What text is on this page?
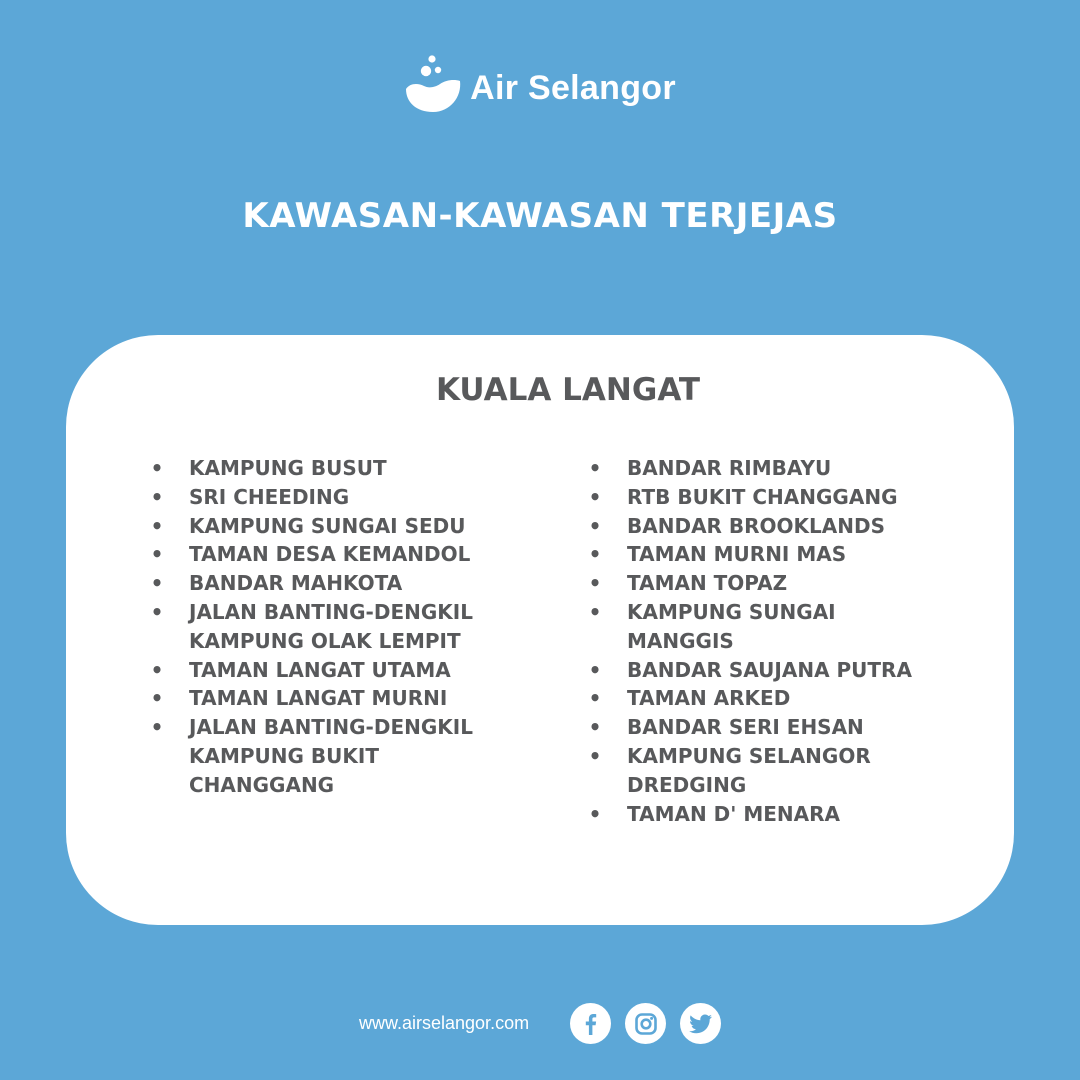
Air Selangor
KAWASAN-KAWASAN TERJEJAS
KUALA LANGAT
• KAMPUNG BUSUT
• SRI CHEEDING
• KAMPUNG SUNGAI SEDU
• TAMAN DESA KEMANDOL
• BANDAR MAHKOTA
• JALAN BANTING-DENGKIL KAMPUNG OLAK LEMPIT
• TAMAN LANGAT UTAMA
• TAMAN LANGAT MURNI
• JALAN BANTING-DENGKIL KAMPUNG BUKIT CHANGGANG
• BANDAR RIMBAYU
• RTB BUKIT CHANGGANG
• BANDAR BROOKLANDS
• TAMAN MURNI MAS
• TAMAN TOPAZ
• KAMPUNG SUNGAI MANGGIS
• BANDAR SAUJANA PUTRA
• TAMAN ARKED
• BANDAR SERI EHSAN
• KAMPUNG SELANGOR DREDGING
• TAMAN D' MENARA
www.airselangor.com
